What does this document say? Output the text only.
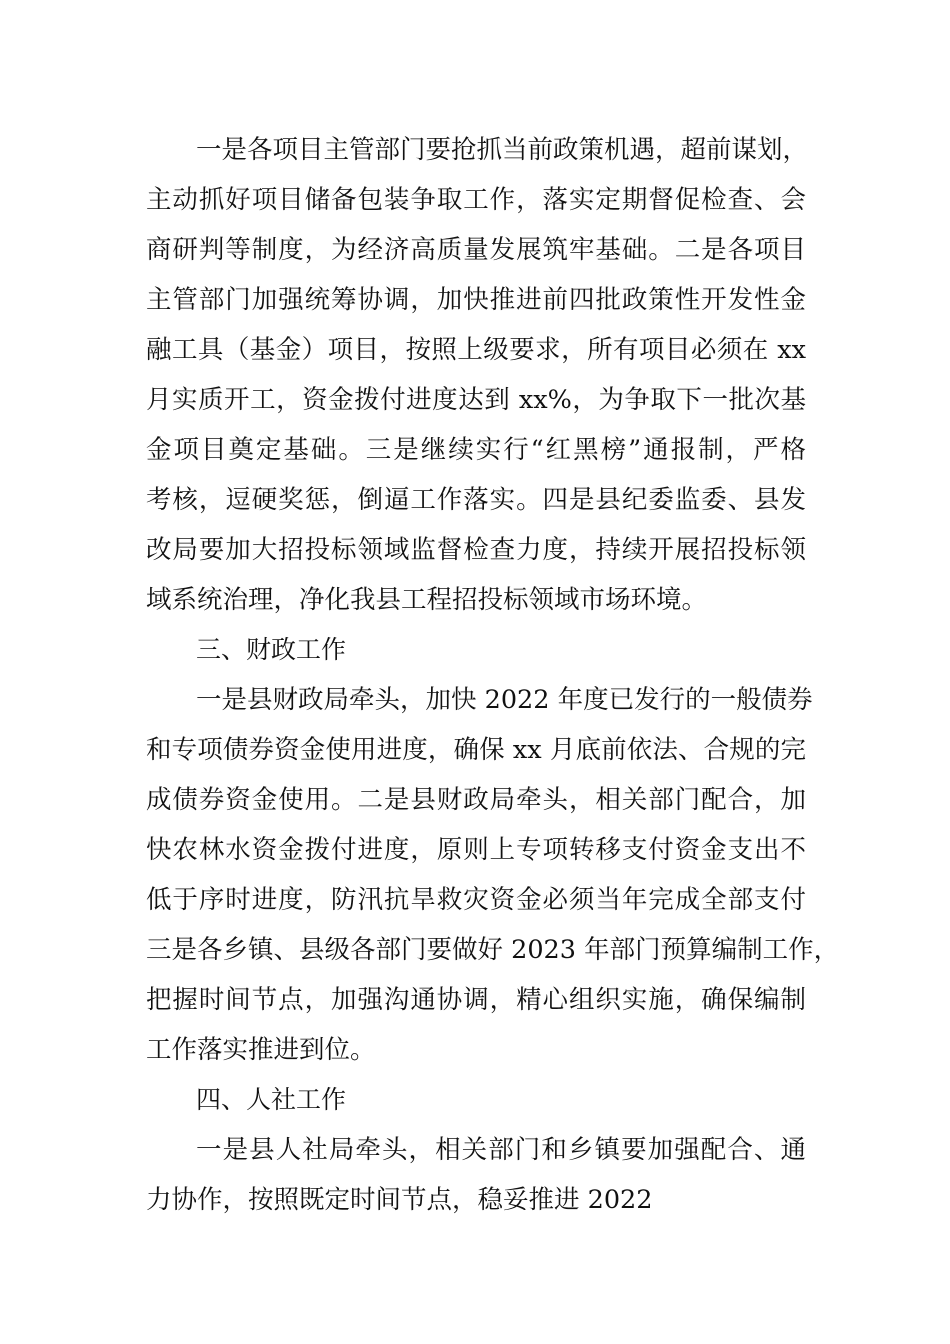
一是各项目主管部门要抢抓当前政策机遇，超前谋划，
主动抓好项目储备包装争取工作，落实定期督促检查、会
商研判等制度，为经济高质量发展筑牢基础。二是各项目
主管部门加强统筹协调，加快推进前四批政策性开发性金
融工具（基金）项目，按照上级要求，所有项目必须在 xx
月实质开工，资金拨付进度达到 xx%，为争取下一批次基
金项目奠定基础。三是继续实行“红黑榜”通报制，严格
考核，逗硬奖惩，倒逼工作落实。四是县纪委监委、县发
改局要加大招投标领域监督检查力度，持续开展招投标领
域系统治理，净化我县工程招投标领域市场环境。
三、财政工作
一是县财政局牵头，加快 2022 年度已发行的一般债券
和专项债券资金使用进度，确保 xx 月底前依法、合规的完
成债券资金使用。二是县财政局牵头，相关部门配合，加
快农林水资金拨付进度，原则上专项转移支付资金支出不
低于序时进度，防汛抗旱救灾资金必须当年完成全部支付
三是各乡镇、县级各部门要做好 2023 年部门预算编制工作，
把握时间节点，加强沟通协调，精心组织实施，确保编制
工作落实推进到位。
四、人社工作
一是县人社局牵头，相关部门和乡镇要加强配合、通
力协作，按照既定时间节点，稳妥推进 2022
